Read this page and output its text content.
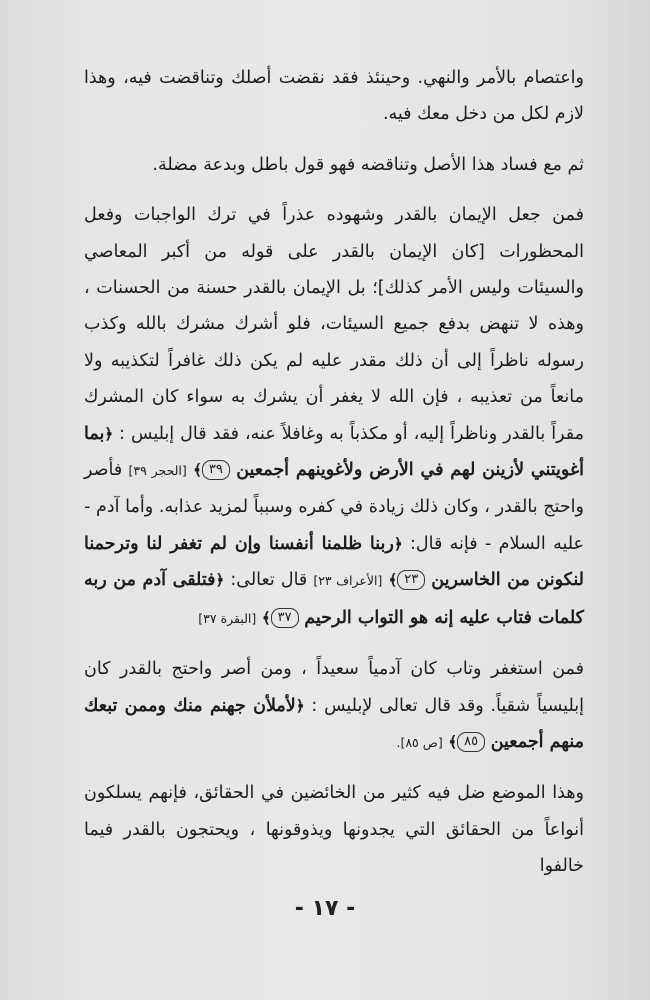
واعتصام بالأمر والنهي. وحينئذ فقد نقضت أصلك وتناقضت فيه، وهذا لازم لكل من دخل معك فيه.

ثم مع فساد هذا الأصل وتناقضه فهو قول باطل وبدعة مضلة.

فمن جعل الإيمان بالقدر وشهوده عذراً في ترك الواجبات وفعل المحظورات [كان الإيمان بالقدر على قوله من أكبر المعاصي والسيئات وليس الأمر كذلك]؛ بل الإيمان بالقدر حسنة من الحسنات ، وهذه لا تنهض بدفع جميع السيئات، فلو أشرك مشرك بالله وكذب رسوله ناظراً إلى أن ذلك مقدر عليه لم يكن ذلك غافراً لتكذيبه ولا مانعاً من تعذيبه ، فإن الله لا يغفر أن يشرك به سواء كان المشرك مقراً بالقدر وناظراً إليه، أو مكذباً به وغافلاً عنه، فقد قال إبليس : ﴿بما أغويتني لأزينن لهم في الأرض ولأغوينهم أجمعين ٣٩﴾ [الحجر ٣٩] فأصر واحتج بالقدر ، وكان ذلك زيادة في كفره وسبباً لمزيد عذابه. وأما آدم - عليه السلام - فإنه قال: ﴿ربنا ظلمنا أنفسنا وإن لم تغفر لنا وترحمنا لنكونن من الخاسرين ٢٣﴾ [الأعراف ٢٣] قال تعالى: ﴿فتلقى آدم من ربه كلمات فتاب عليه إنه هو التواب الرحيم ٣٧﴾ [البقرة ٣٧]

فمن استغفر وتاب كان آدمياً سعيداً ، ومن أصر واحتج بالقدر كان إبليسياً شقياً. وقد قال تعالى لإبليس : ﴿لأملأن جهنم منك وممن تبعك منهم أجمعين ٨٥﴾ [ص ٨٥].

وهذا الموضع ضل فيه كثير من الخائضين في الحقائق، فإنهم يسلكون أنواعاً من الحقائق التي يجدونها ويذوقونها ، ويحتجون بالقدر فيما خالفوا

- ١٧ -
